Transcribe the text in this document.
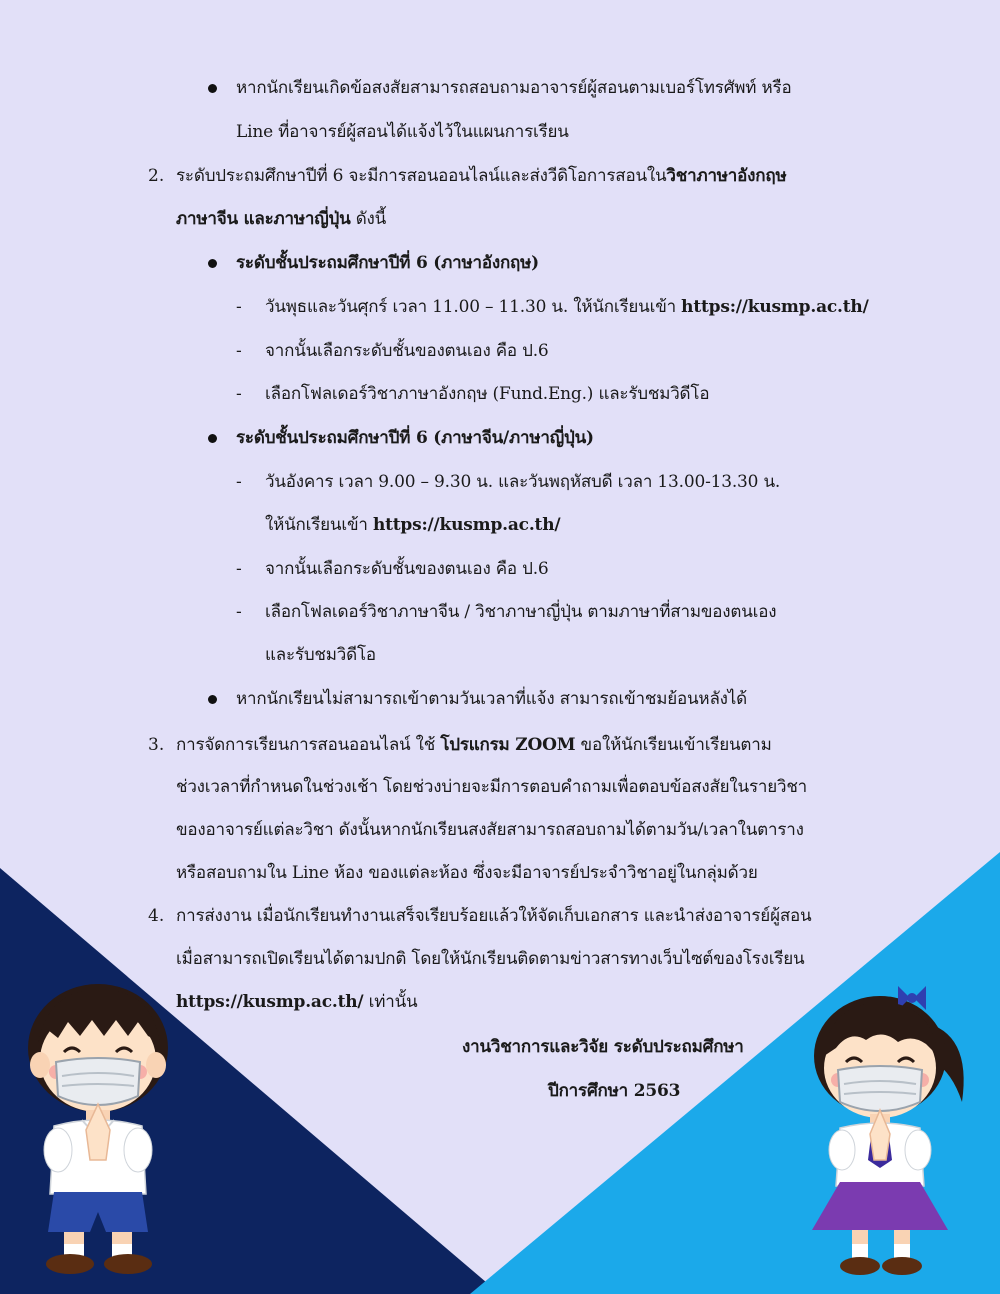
หากนักเรียนเกิดข้อสงสัยสามารถสอบถามอาจารย์ผู้สอนตามเบอร์โทรศัพท์ หรือ
Line ที่อาจารย์ผู้สอนได้แจ้งไว้ในแผนการเรียน
2. ระดับประถมศึกษาปีที่ 6 จะมีการสอนออนไลน์และส่งวีดิโอการสอนในวิชาภาษาอังกฤษ
ภาษาจีน และภาษาญี่ปุ่น ดังนี้
ระดับชั้นประถมศึกษาปีที่ 6 (ภาษาอังกฤษ)
- วันพุธและวันศุกร์ เวลา 11.00 – 11.30 น. ให้นักเรียนเข้า https://kusmp.ac.th/
- จากนั้นเลือกระดับชั้นของตนเอง คือ ป.6
- เลือกโฟลเดอร์วิชาภาษาอังกฤษ (Fund.Eng.) และรับชมวิดีโอ
ระดับชั้นประถมศึกษาปีที่ 6 (ภาษาจีน/ภาษาญี่ปุ่น)
- วันอังคาร เวลา 9.00 – 9.30 น. และวันพฤหัสบดี เวลา 13.00-13.30 น.
ให้นักเรียนเข้า https://kusmp.ac.th/
- จากนั้นเลือกระดับชั้นของตนเอง คือ ป.6
- เลือกโฟลเดอร์วิชาภาษาจีน / วิชาภาษาญี่ปุ่น ตามภาษาที่สามของตนเอง
และรับชมวิดีโอ
หากนักเรียนไม่สามารถเข้าตามวันเวลาที่แจ้ง สามารถเข้าชมย้อนหลังได้
3. การจัดการเรียนการสอนออนไลน์ ใช้ โปรแกรม ZOOM ขอให้นักเรียนเข้าเรียนตาม
ช่วงเวลาที่กำหนดในช่วงเช้า โดยช่วงบ่ายจะมีการตอบคำถามเพื่อตอบข้อสงสัยในรายวิชา
ของอาจารย์แต่ละวิชา ดังนั้นหากนักเรียนสงสัยสามารถสอบถามได้ตามวัน/เวลาในตาราง
หรือสอบถามใน Line ห้อง ของแต่ละห้อง ซึ่งจะมีอาจารย์ประจำวิชาอยู่ในกลุ่มด้วย
4. การส่งงาน เมื่อนักเรียนทำงานเสร็จเรียบร้อยแล้วให้จัดเก็บเอกสาร และนำส่งอาจารย์ผู้สอน
เมื่อสามารถเปิดเรียนได้ตามปกติ โดยให้นักเรียนติดตามข่าวสารทางเว็บไซต์ของโรงเรียน
https://kusmp.ac.th/ เท่านั้น
งานวิชาการและวิจัย ระดับประถมศึกษา
ปีการศึกษา 2563
